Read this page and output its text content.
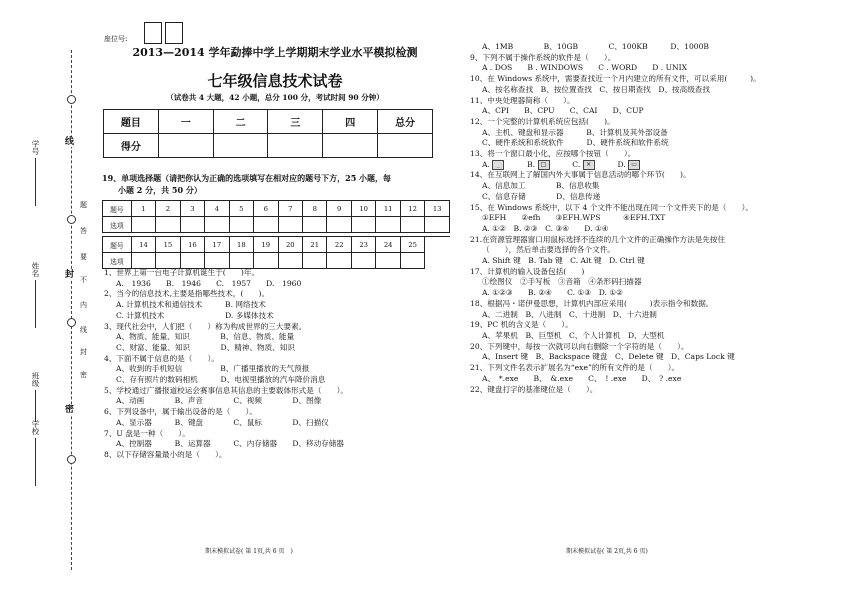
座位号:
线
封
密
题
答
要
不
内
线
封
密
学号
姓名
班级
学校
2013—2014 学年勐捧中学上学期期末学业水平模拟检测
七年级信息技术试卷
（试卷共 4 大题，42 小题，总分 100 分，考试时间 90 分钟）
题目	一	二	三	四	总分
得分					
19、单项选择题（请把你认为正确的选项填写在相对应的题号下方，25 小题，每
小题 2 分，共 50 分）
题号	1	2	3	4	5	6	7	8	9	10	11	12	13
选项													

题号	14	15	16	17	18	19	20	21	22	23	24	25	
选项													
1、世界上第一台电子计算机诞生于(　　)年。
A.　1936　　B.　1946　　C.　1957　　D.　1960
2、当今的信息技术,主要是指哪些技术，(　　)。
A. 计算机技术和通信技术　　　B. 网络技术
C. 计算机技术　　　　　　　　D. 多媒体技术
3、现代社会中，人们把（　　）称为构成世界的三大要素。
A、物质、能量、知识　　　　B、信息、物质、能量
C、财富、能量、知识　　　　D、精神、物质、知识
4、下面不属于信息的是（　　）。
A、收到的手机短信　　　　　B、广播里播放的天气预报
C、存有照片的数码相机　　　D、电视里播放的汽车降价消息
5、学校通过广播报道校运会赛事信息其信息的主要载体形式是（　　）。
A、动画　　　　B、声音　　　　C、视频　　　　D、图像
6、下列设备中，属于输出设备的是（　　）。
A、显示器　　　B、键盘　　　　C、鼠标　　　　D、扫描仪
7、U 盘是一种（　　）。
A、控制器　　　B、运算器　　　C、内存储器　　D、移动存储器
8、以下存储容量最小的是（　　）。
A、1MB　　　　B、10GB　　　　C、100KB　　　D、1000B
9、下列不属于操作系统的软件是（　　）。
A . DOS　　B . WINDOWS　　C . WORD　　D . UNIX
10、在 Windows 系统中，需要查找近一个月内建立的所有文件，可以采用(　　　)。
A、按名称查找　B、按位置查找　C、按日期查找　D、按高级查找
11、中央处理器简称（　　）。
A、CPI　　B、CPU　　C、CAI　　D、CUP
12、一个完整的计算机系统应包括(　　)。
A、主机、键盘和显示器　　　B、计算机及其外部设备
C、硬件系统和系统软件　　　D、硬件系统和软件系统
13、将一个窗口最小化，应按哪个按钮（　　）。
A. _　　　B. □　　　C. ×　　　D. ▭
14、在互联网上了解国内外大事属于信息活动的哪个环节(　　)。
A、信息加工　　　　B、信息收集
C、信息存储　　　　D、信息传递
15、在 Windows 系统中，以下 4 个文件不能出现在同一个文件夹下的是（　　）。
①EFH　　②efh　　③EFH.WPS　　　④EFH.TXT
A. ①②　B. ②③　C. ③④　　D. ①④
21.在资源管理器窗口用鼠标选择不连续的几个文件的正确操作方法是先按住
（　　），然后单击要选择的各个文件。
A. Shift 键　B. Tab 键　C. Alt 键　D. Ctrl 键
17、计算机的输入设备包括(　　)
①绘图仪　②手写板　③音箱　④条形码扫描器
A. ①②③　　B. ②④　　C. ①③　D. ①②
18、根据冯・诺伊曼思想，计算机内部应采用(　　　)表示指令和数据。
A、二进制　B、八进制　C、十进制　D、十六进制
19、PC 机的含义是（　　）。
A、苹果机　B、巨型机　C、个人计算机　D、大型机
20、下列键中，每按一次就可以向右删除一个字符的是（　　）。
A、Insert 键　B、Backspace 键盘　C、Delete 键　D、Caps Lock 键
21、下列文件名表示扩展名为“exe”的所有文件的是（　　）。
A、　*.exe　　B、　&.exe　　C、　! .exe　　D、　? .exe
22、键盘打字的基准键位是（　　）。
期末模拟试卷( 第 1页,共 6 页　)	期末模拟试卷( 第 2页,共 6 页)
